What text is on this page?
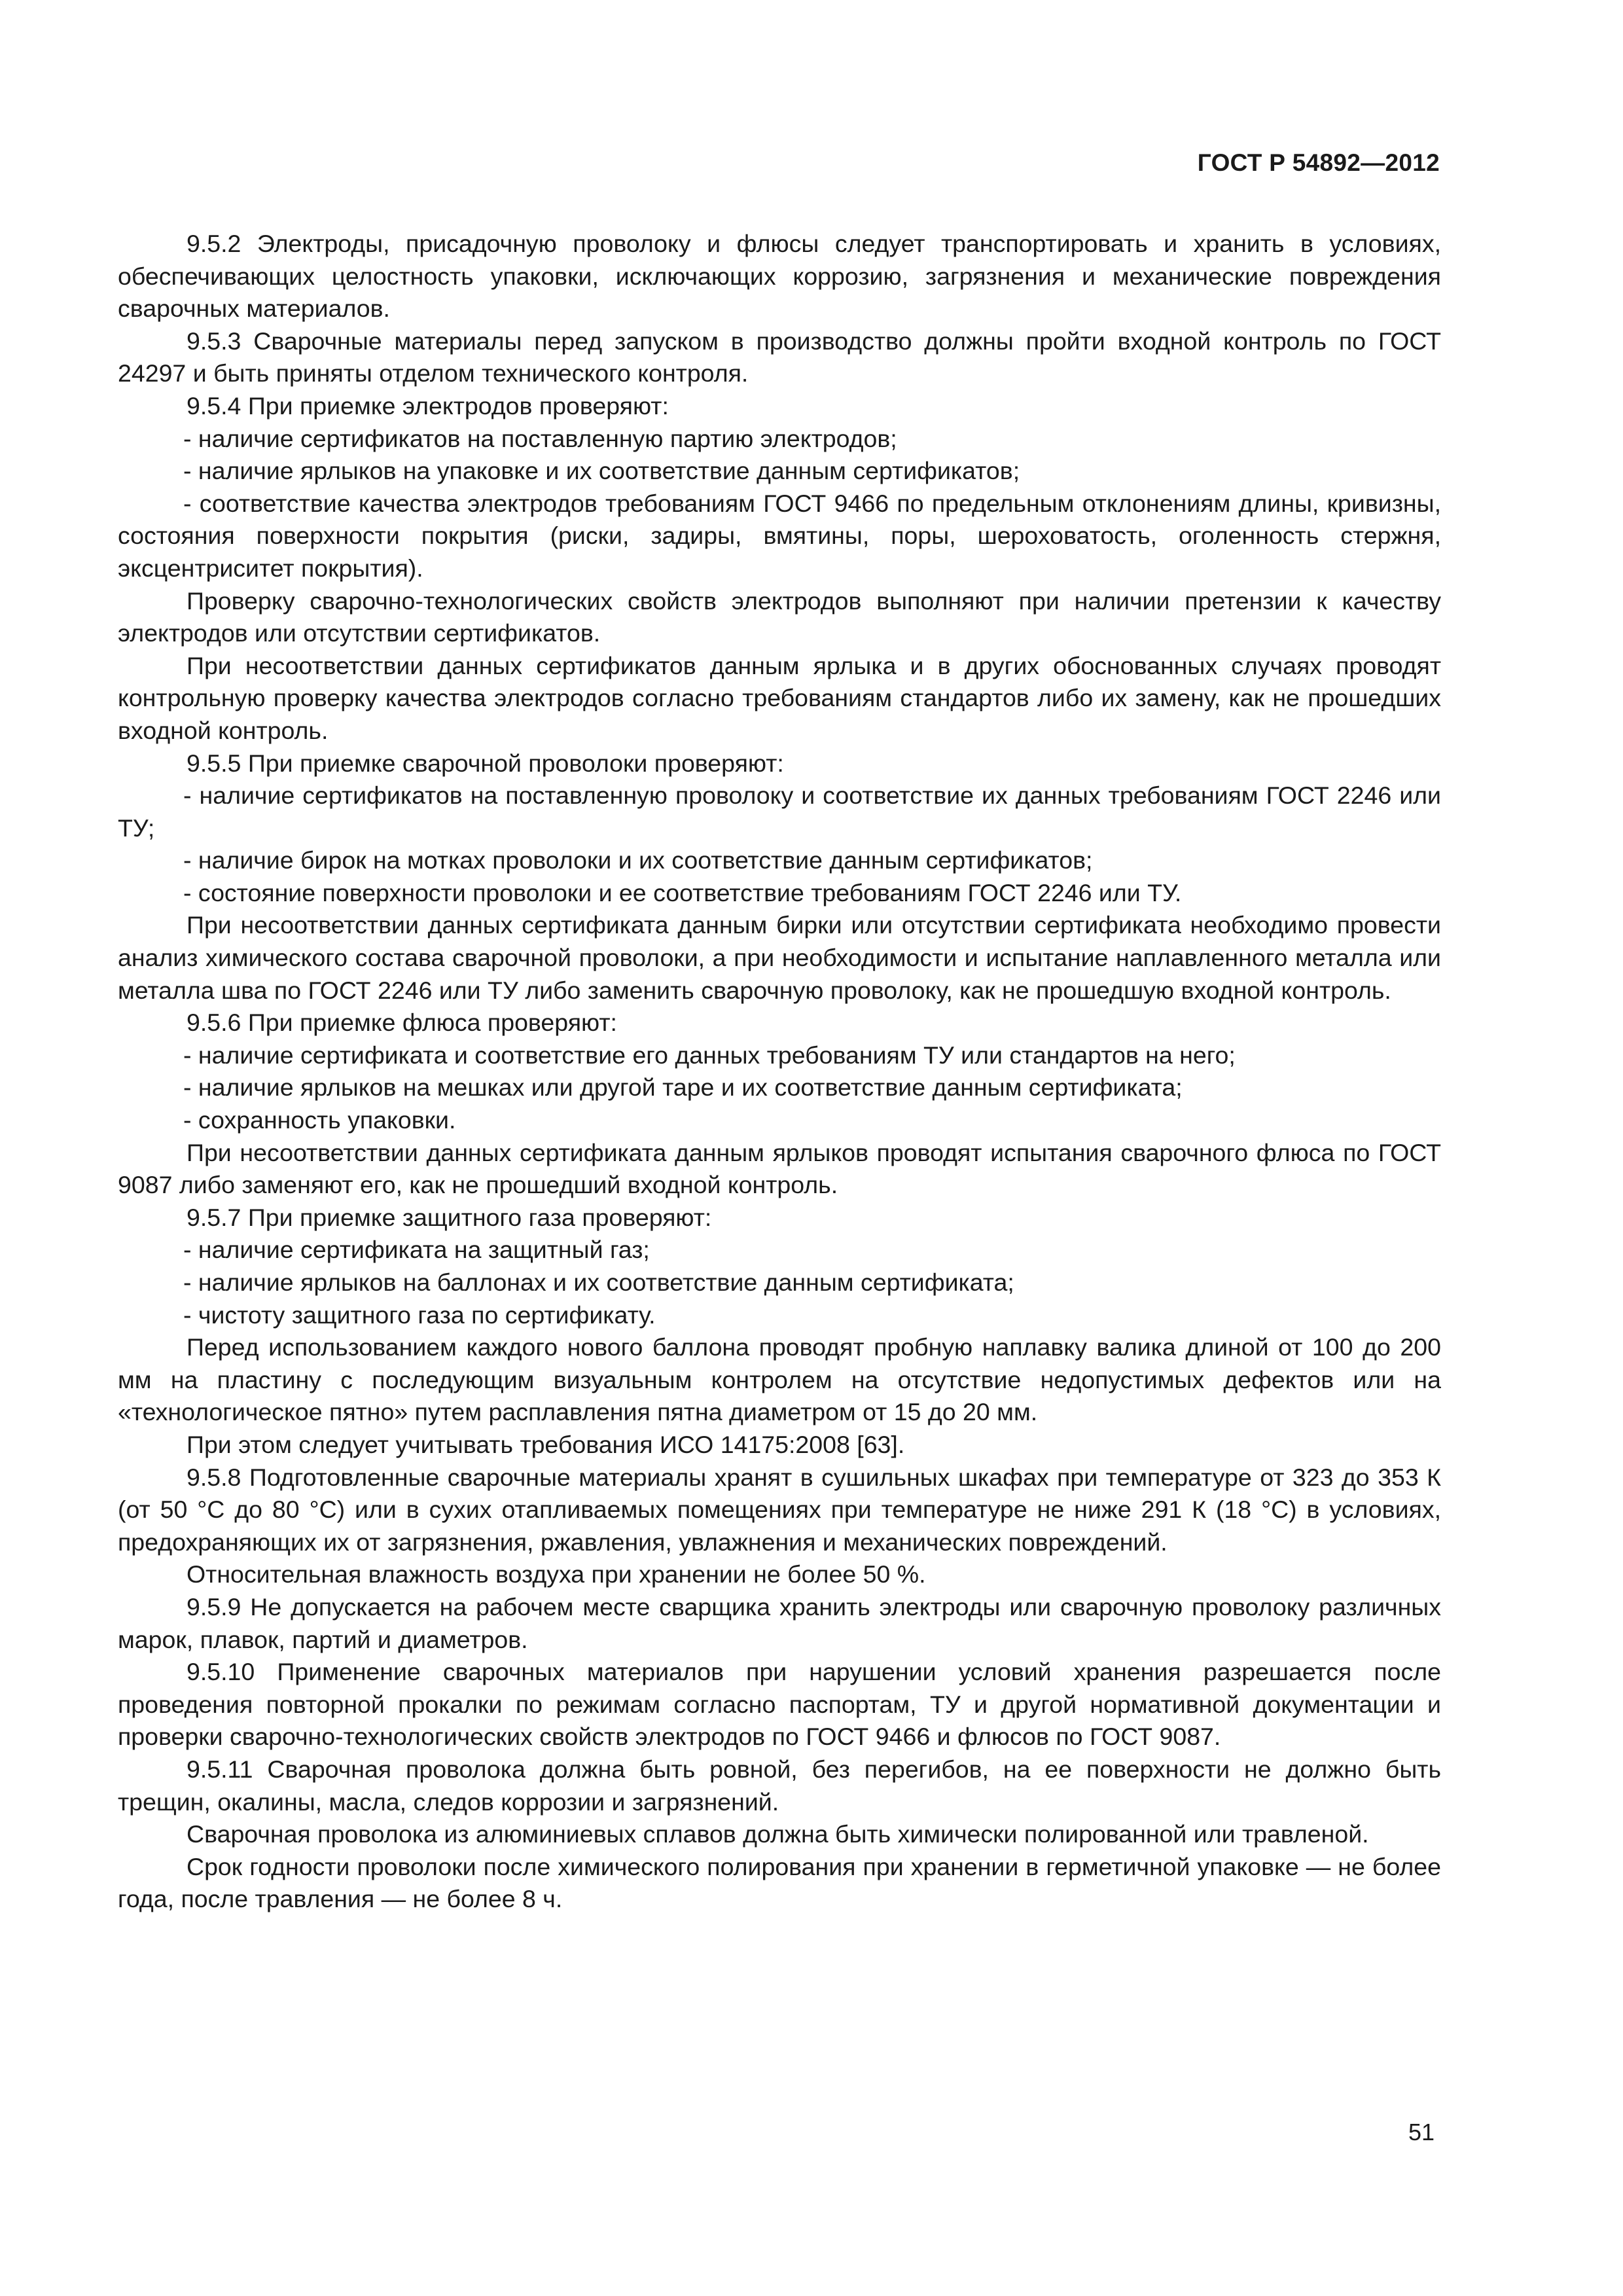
ГОСТ Р 54892—2012

9.5.2 Электроды, присадочную проволоку и флюсы следует транспортировать и хранить в условиях, обеспечивающих целостность упаковки, исключающих коррозию, загрязнения и механические повреждения сварочных материалов.

9.5.3 Сварочные материалы перед запуском в производство должны пройти входной контроль по ГОСТ 24297 и быть приняты отделом технического контроля.

9.5.4 При приемке электродов проверяют:

- наличие сертификатов на поставленную партию электродов;

- наличие ярлыков на упаковке и их соответствие данным сертификатов;

- соответствие качества электродов требованиям ГОСТ 9466 по предельным отклонениям длины, кривизны, состояния поверхности покрытия (риски, задиры, вмятины, поры, шероховатость, оголенность стержня, эксцентриситет покрытия).

Проверку сварочно-технологических свойств электродов выполняют при наличии претензии к качеству электродов или отсутствии сертификатов.

При несоответствии данных сертификатов данным ярлыка и в других обоснованных случаях проводят контрольную проверку качества электродов согласно требованиям стандартов либо их замену, как не прошедших входной контроль.

9.5.5 При приемке сварочной проволоки проверяют:

- наличие сертификатов на поставленную проволоку и соответствие их данных требованиям ГОСТ 2246 или ТУ;

- наличие бирок на мотках проволоки и их соответствие данным сертификатов;

- состояние поверхности проволоки и ее соответствие требованиям ГОСТ 2246 или ТУ.

При несоответствии данных сертификата данным бирки или отсутствии сертификата необходимо провести анализ химического состава сварочной проволоки, а при необходимости и испытание наплавленного металла или металла шва по ГОСТ 2246 или ТУ либо заменить сварочную проволоку, как не прошедшую входной контроль.

9.5.6 При приемке флюса проверяют:

- наличие сертификата и соответствие его данных требованиям ТУ или стандартов на него;

- наличие ярлыков на мешках или другой таре и их соответствие данным сертификата;

- сохранность упаковки.

При несоответствии данных сертификата данным ярлыков проводят испытания сварочного флюса по ГОСТ 9087 либо заменяют его, как не прошедший входной контроль.

9.5.7 При приемке защитного газа проверяют:

- наличие сертификата на защитный газ;

- наличие ярлыков на баллонах и их соответствие данным сертификата;

- чистоту защитного газа по сертификату.

Перед использованием каждого нового баллона проводят пробную наплавку валика длиной от 100 до 200 мм на пластину с последующим визуальным контролем на отсутствие недопустимых дефектов или на «технологическое пятно» путем расплавления пятна диаметром от 15 до 20 мм.

При этом следует учитывать требования ИСО 14175:2008 [63].

9.5.8 Подготовленные сварочные материалы хранят в сушильных шкафах при температуре от 323 до 353 К (от 50 °С до 80 °С) или в сухих отапливаемых помещениях при температуре не ниже 291 К (18 °С) в условиях, предохраняющих их от загрязнения, ржавления, увлажнения и механических повреждений.

Относительная влажность воздуха при хранении не более 50 %.

9.5.9 Не допускается на рабочем месте сварщика хранить электроды или сварочную проволоку различных марок, плавок, партий и диаметров.

9.5.10 Применение сварочных материалов при нарушении условий хранения разрешается после проведения повторной прокалки по режимам согласно паспортам, ТУ и другой нормативной документации и проверки сварочно-технологических свойств электродов по ГОСТ 9466 и флюсов по ГОСТ 9087.

9.5.11 Сварочная проволока должна быть ровной, без перегибов, на ее поверхности не должно быть трещин, окалины, масла, следов коррозии и загрязнений.

Сварочная проволока из алюминиевых сплавов должна быть химически полированной или травленой.

Срок годности проволоки после химического полирования при хранении в герметичной упаковке — не более года, после травления — не более 8 ч.

51
